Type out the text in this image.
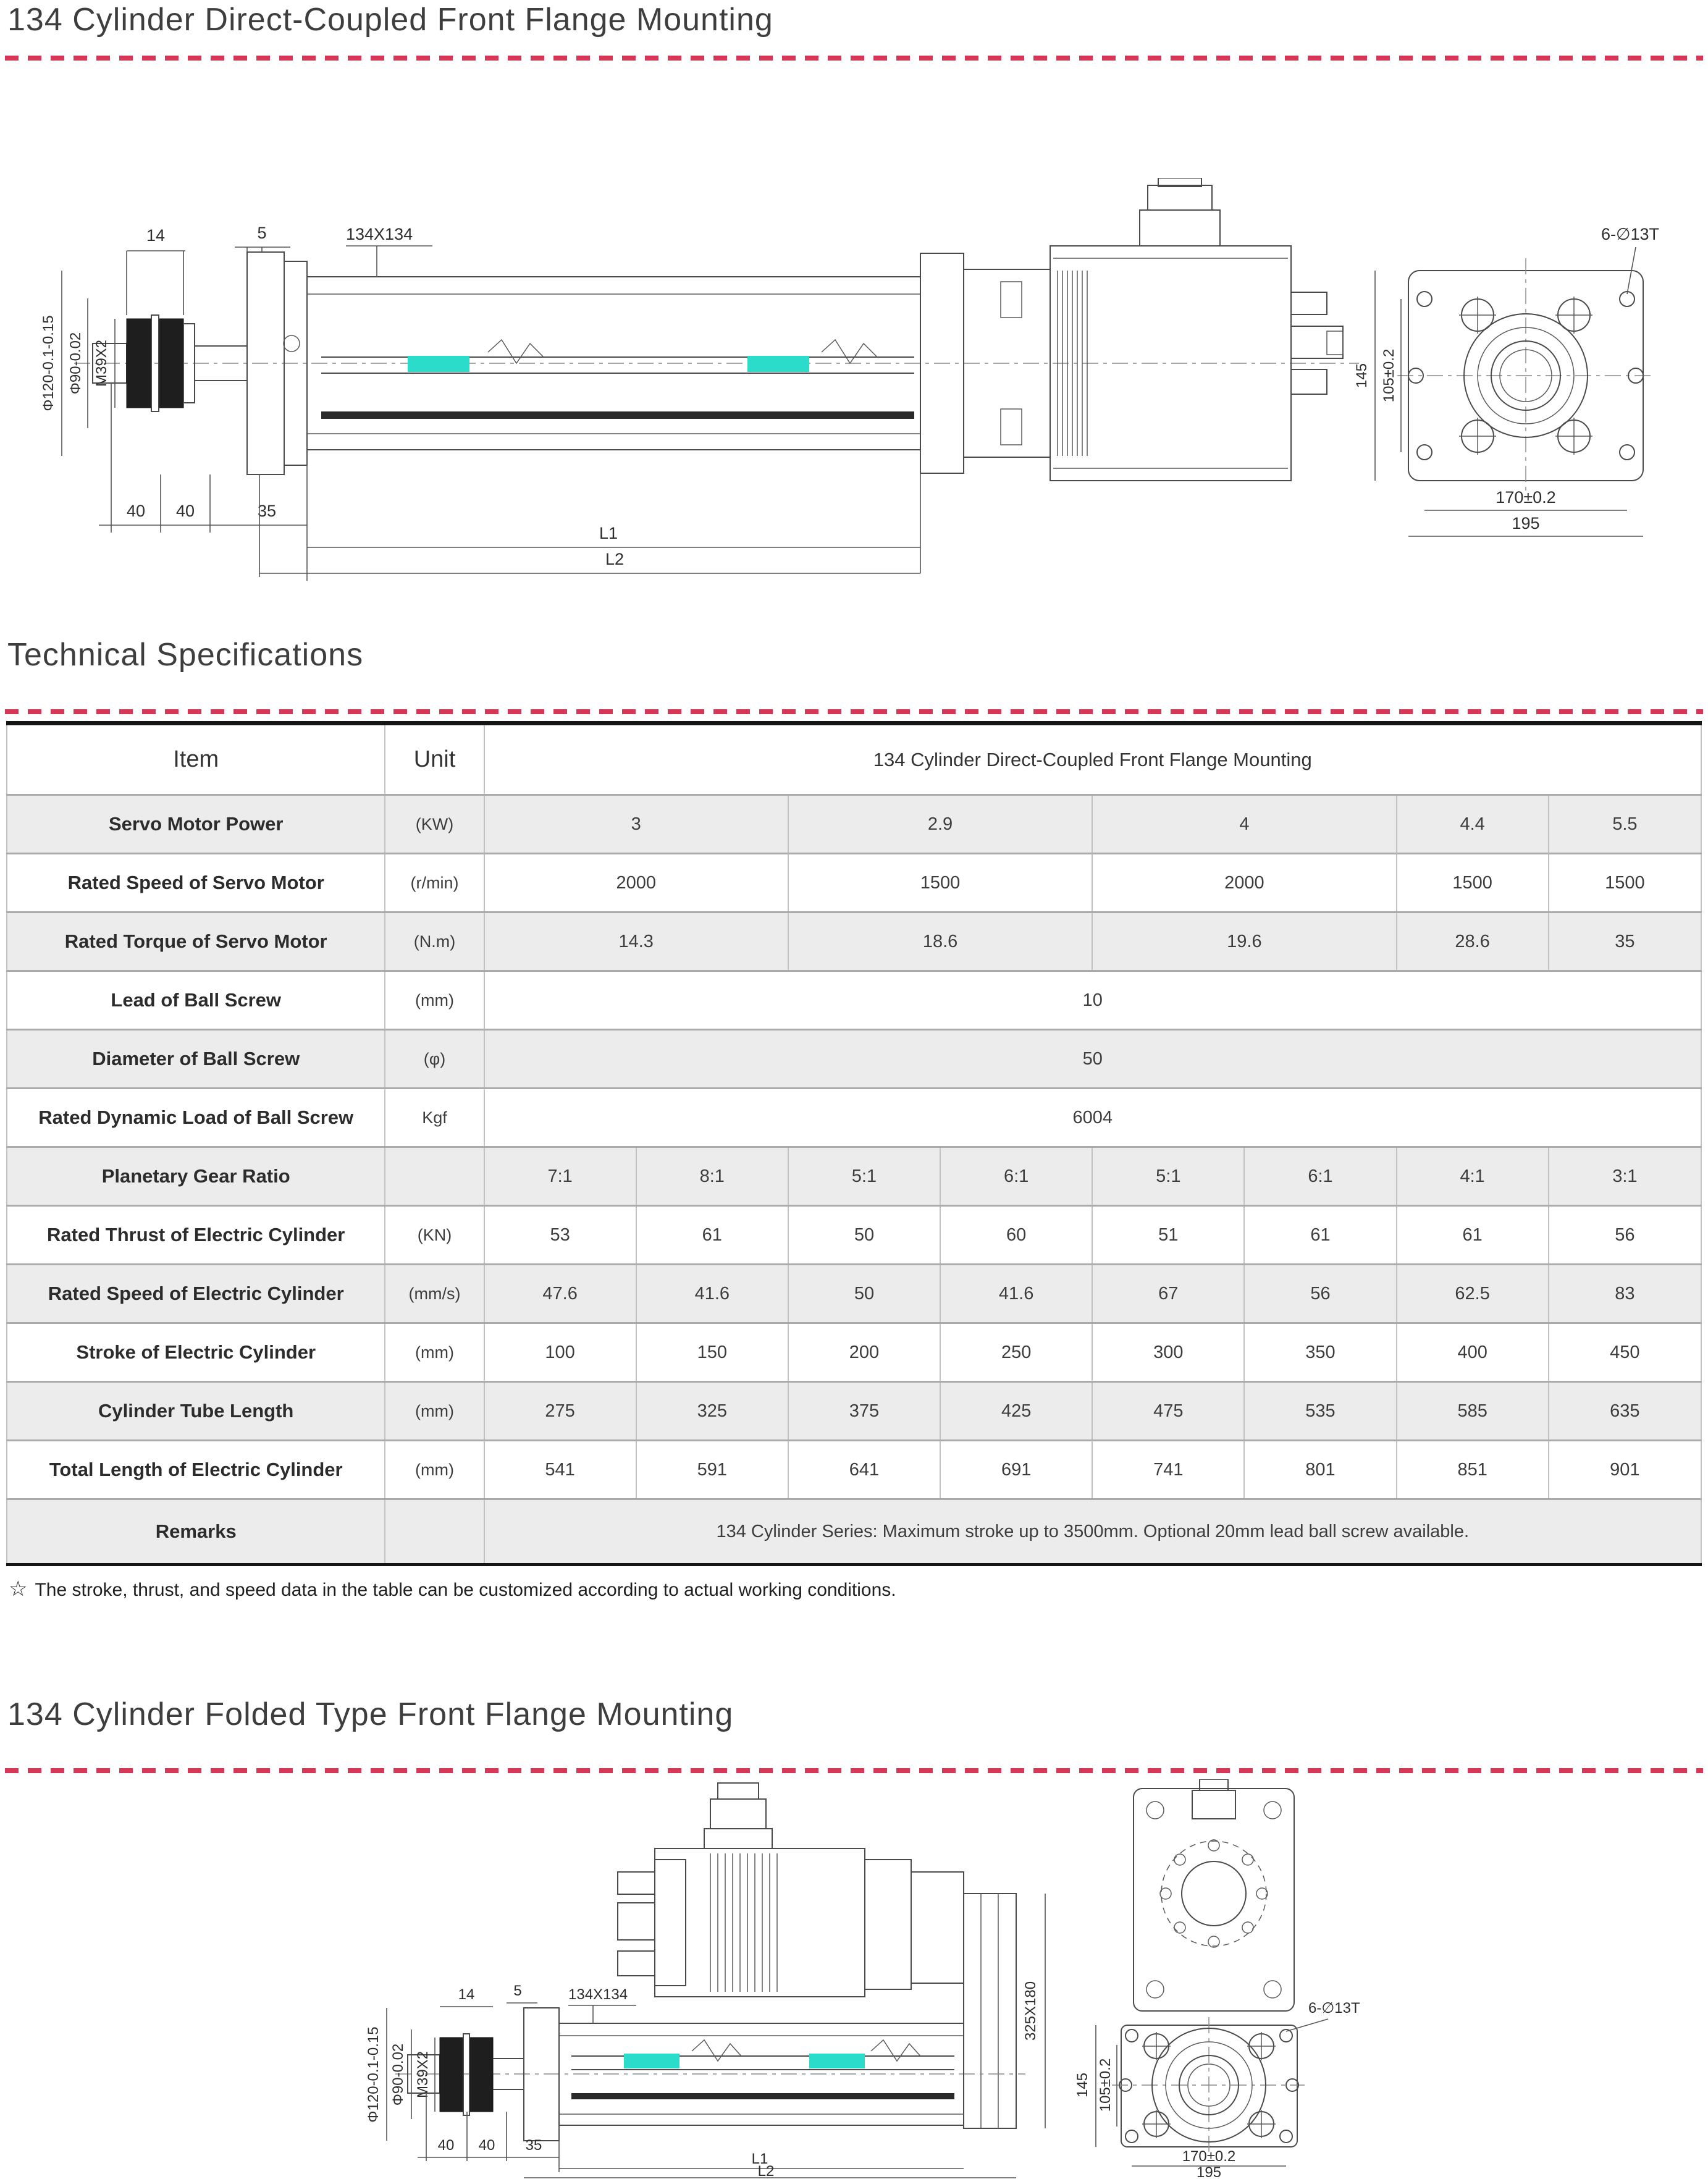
134 Cylinder Direct-Coupled Front Flange Mounting
Φ120-0.1-0.15 Φ90-0.02 M39X2
14	5	134X134
40 40	35
L1
L2
6-∅13T
145 105±0.2
170±0.2
195
Technical Specifications
Item	Unit	134 Cylinder Direct-Coupled Front Flange Mounting							
Servo Motor Power	(KW)	3		2.9		4		4.4	5.5
Rated Speed of Servo Motor	(r/min)	2000		1500		2000		1500	1500
Rated Torque of Servo Motor	(N.m)	14.3		18.6		19.6		28.6	35
Lead of Ball Screw	(mm)	10							
Diameter of Ball Screw	(φ)	50							
Rated Dynamic Load of Ball Screw	Kgf	6004							
Planetary Gear Ratio		7:1	8:1	5:1	6:1	5:1	6:1	4:1	3:1
Rated Thrust of Electric Cylinder	(KN)	53	61	50	60	51	61	61	56
Rated Speed of Electric Cylinder	(mm/s)	47.6	41.6	50	41.6	67	56	62.5	83
Stroke of Electric Cylinder	(mm)	100	150	200	250	300	350	400	450
Cylinder Tube Length	(mm)	275	325	375	425	475	535	585	635
Total Length of Electric Cylinder	(mm)	541	591	641	691	741	801	851	901
Remarks		134 Cylinder Series: Maximum stroke up to 3500mm. Optional 20mm lead ball screw available.							
☆ The stroke, thrust, and speed data in the table can be customized according to actual working conditions.
134 Cylinder Folded Type Front Flange Mounting
325X180
Φ120-0.1-0.15 Φ90-0.02 M39X2
14	5	134X134
40 40 35
L1
L2
6-∅13T
145 105±0.2
170±0.2
195
